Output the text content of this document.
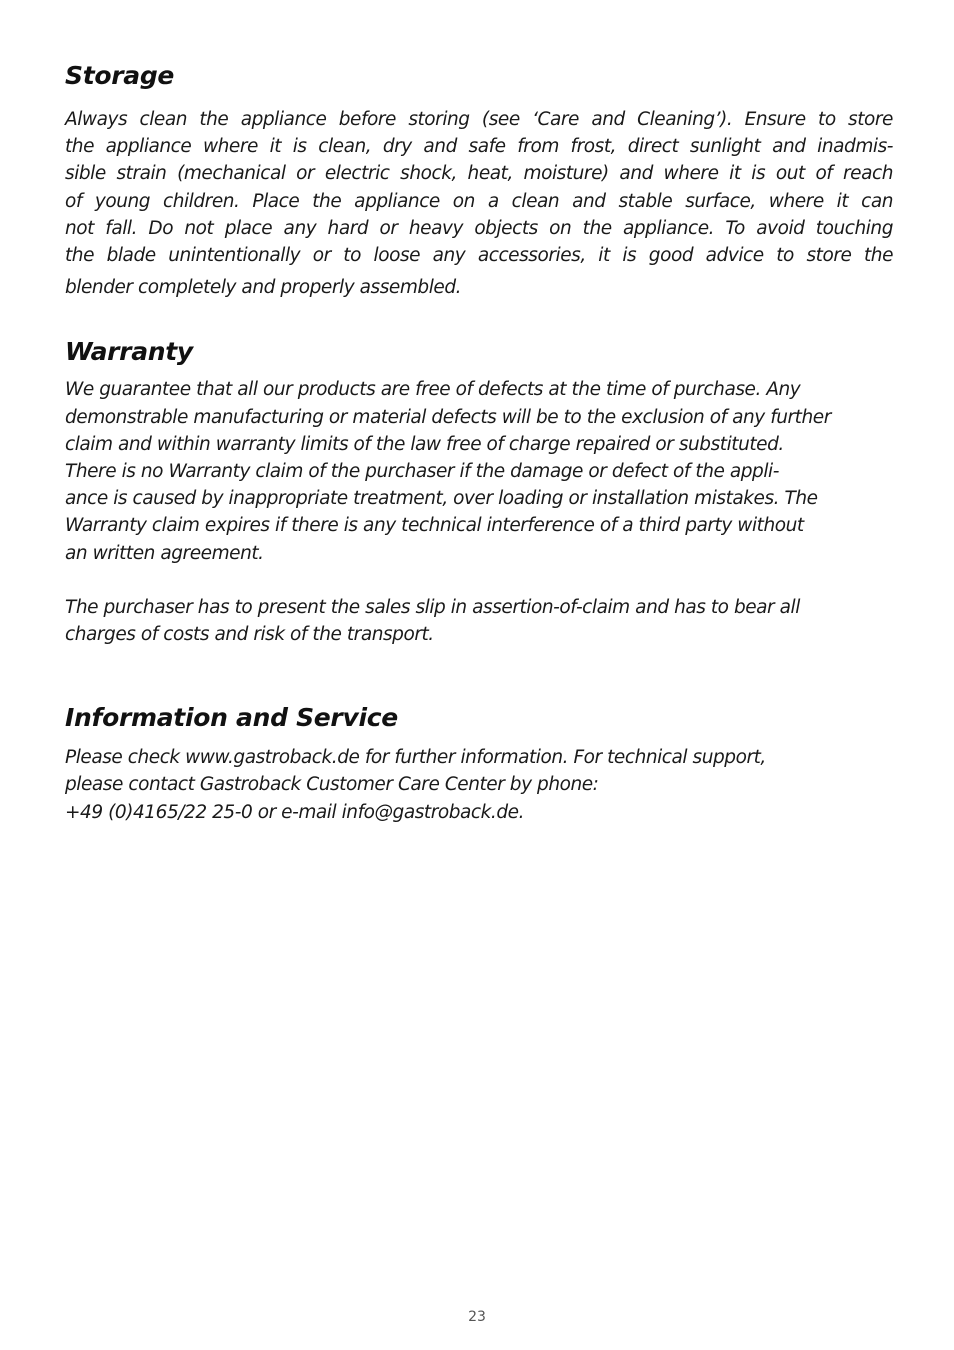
Storage

Always clean the appliance before storing (see ‘Care and Cleaning’). Ensure to store
the appliance where it is clean, dry and safe from frost, direct sunlight and inadmis-
sible strain (mechanical or electric shock, heat, moisture) and where it is out of reach
of young children. Place the appliance on a clean and stable surface, where it can
not fall. Do not place any hard or heavy objects on the appliance. To avoid touching
the blade unintentionally or to loose any accessories, it is good advice to store the
blender completely and properly assembled.

Warranty

We guarantee that all our products are free of defects at the time of purchase. Any
demonstrable manufacturing or material defects will be to the exclusion of any further
claim and within warranty limits of the law free of charge repaired or substituted.
There is no Warranty claim of the purchaser if the damage or defect of the appli-
ance is caused by inappropriate treatment, over loading or installation mistakes. The
Warranty claim expires if there is any technical interference of a third party without
an written agreement.

The purchaser has to present the sales slip in assertion-of-claim and has to bear all
charges of costs and risk of the transport.

Information and Service

Please check www.gastroback.de for further information. For technical support,
please contact Gastroback Customer Care Center by phone:
+49 (0)4165/22 25-0 or e-mail info@gastroback.de.

23
